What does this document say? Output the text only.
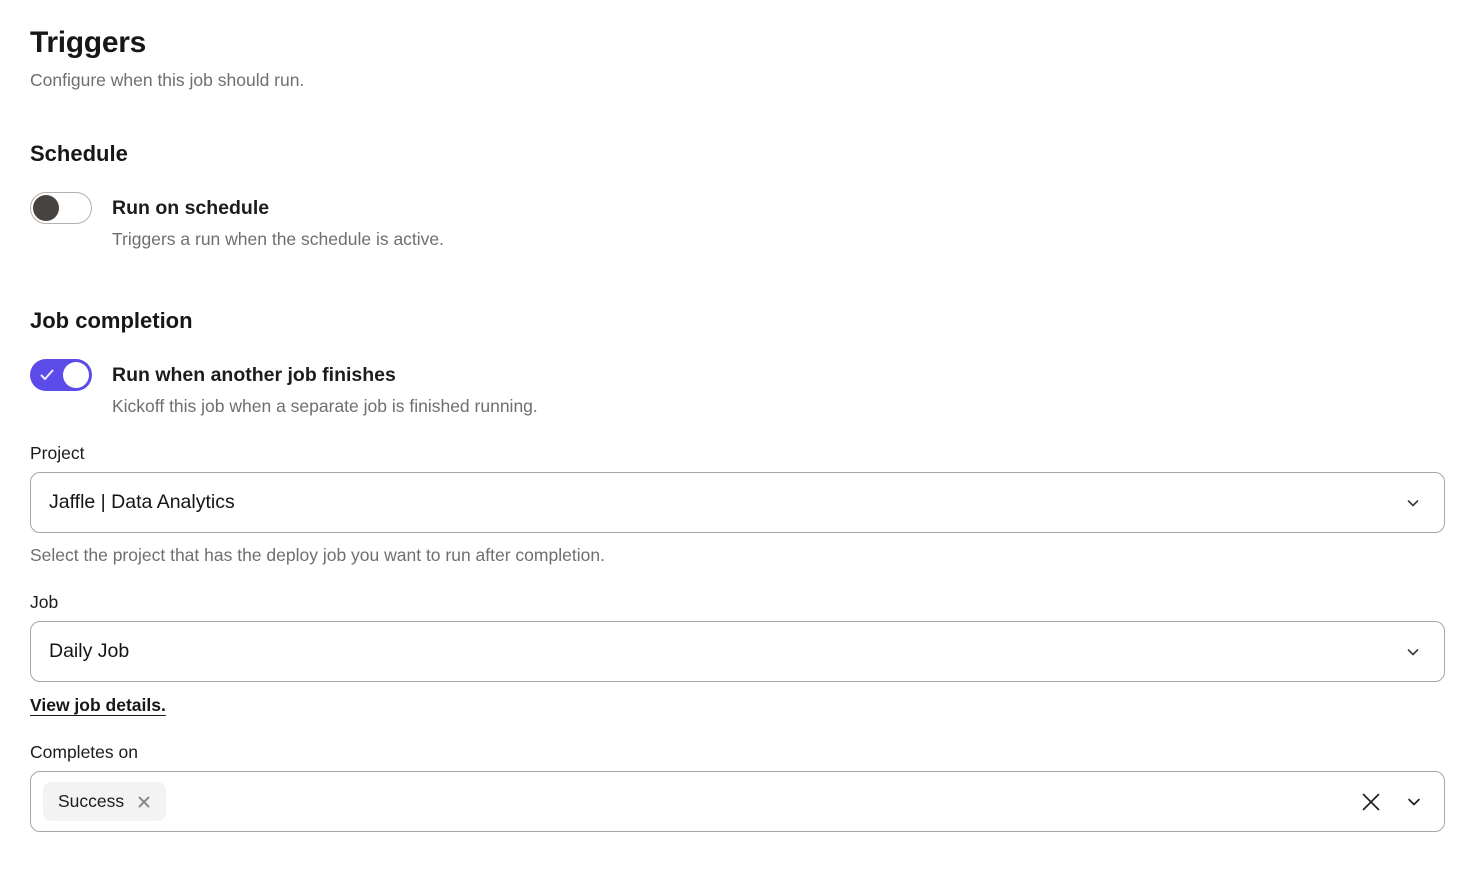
Triggers

Configure when this job should run.

Schedule
Run on schedule
Triggers a run when the schedule is active.
Job completion
Run when another job finishes
Kickoff this job when a separate job is finished running.
Project
Jaffle | Data Analytics
Select the project that has the deploy job you want to run after completion.
Job
Daily Job
View job details.
Completes on
Success
